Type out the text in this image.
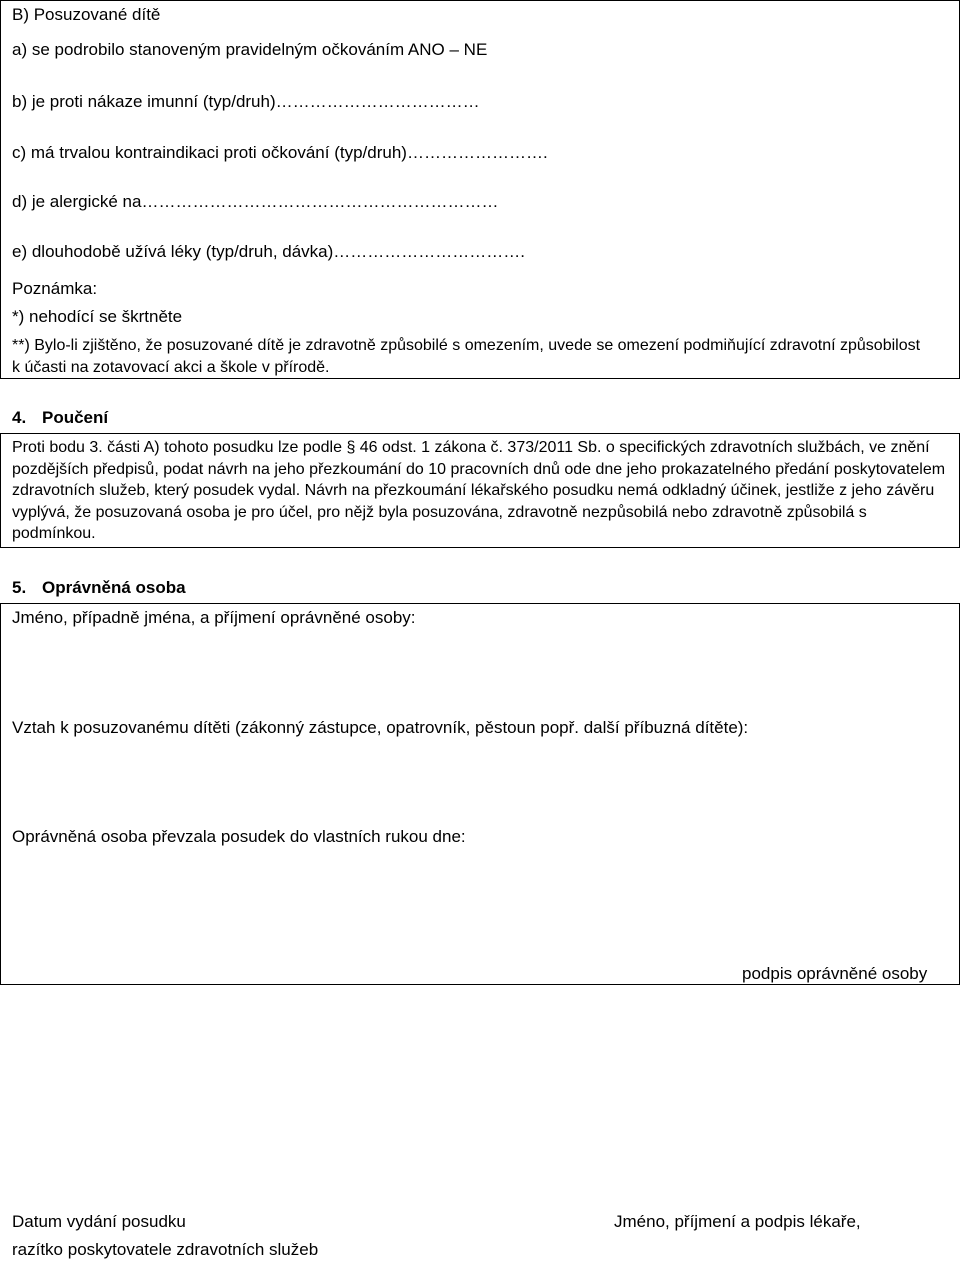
B) Posuzované dítě
a) se podrobilo stanoveným pravidelným očkováním ANO – NE
b) je proti nákaze imunní (typ/druh)………………………………
c) má trvalou kontraindikaci proti očkování (typ/druh)…………………….
d) je alergické na………………………………………………………
e) dlouhodobě užívá léky (typ/druh, dávka)…………………………….
Poznámka:
*) nehodící se škrtněte
**) Bylo-li zjištěno, že posuzované dítě je zdravotně způsobilé s omezením, uvede se omezení podmiňující zdravotní způsobilost k účasti na zotavovací akci a škole v přírodě.
4. Poučení
Proti bodu 3. části A) tohoto posudku lze podle § 46 odst. 1 zákona č. 373/2011 Sb. o specifických zdravotních službách, ve znění pozdějších předpisů, podat návrh na jeho přezkoumání do 10 pracovních dnů ode dne jeho prokazatelného předání poskytovatelem zdravotních služeb, který posudek vydal. Návrh na přezkoumání lékařského posudku nemá odkladný účinek, jestliže z jeho závěru vyplývá, že posuzovaná osoba je pro účel, pro nějž byla posuzována, zdravotně nezpůsobilá nebo zdravotně způsobilá s podmínkou.
5. Oprávněná osoba
Jméno, případně jména, a příjmení oprávněné osoby:
Vztah k posuzovanému dítěti (zákonný zástupce, opatrovník, pěstoun popř. další příbuzná dítěte):
Oprávněná osoba převzala posudek do vlastních rukou dne:
podpis oprávněné osoby
Datum vydání posudku
razítko poskytovatele zdravotních služeb
Jméno, příjmení a podpis lékaře,
